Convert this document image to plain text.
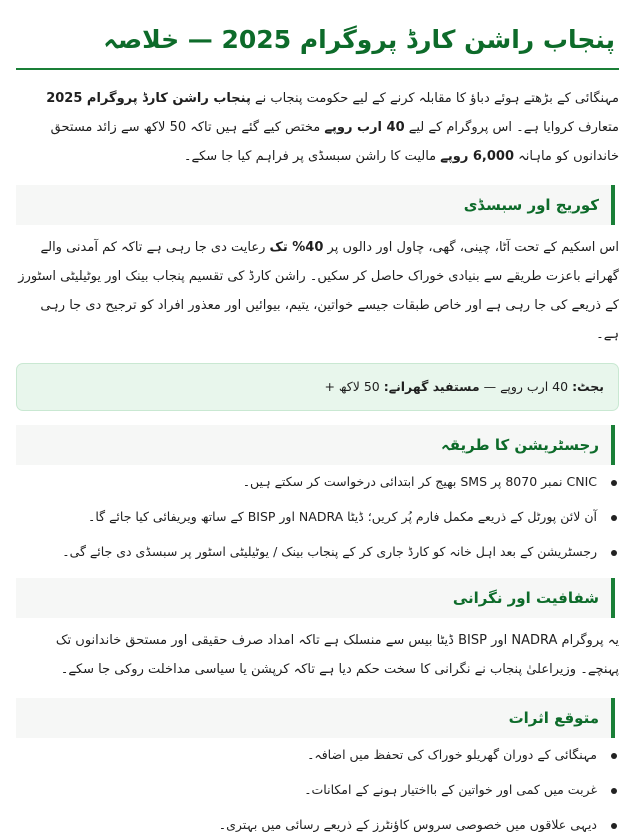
پنجاب راشن کارڈ پروگرام 2025 — خلاصہ

مہنگائی کے بڑھتے ہوئے دباؤ کا مقابلہ کرنے کے لیے حکومت پنجاب نے پنجاب راشن کارڈ پروگرام 2025 متعارف کروایا ہے۔ اس پروگرام کے لیے 40 ارب روپے مختص کیے گئے ہیں تاکہ 50 لاکھ سے زائد مستحق خاندانوں کو ماہانہ 6,000 روپے مالیت کا راشن سبسڈی پر فراہم کیا جا سکے۔

کوریج اور سبسڈی

اس اسکیم کے تحت آٹا، چینی، گھی، چاول اور دالوں پر 40% تک رعایت دی جا رہی ہے تاکہ کم آمدنی والے گھرانے باعزت طریقے سے بنیادی خوراک حاصل کر سکیں۔ راشن کارڈ کی تقسیم پنجاب بینک اور یوٹیلیٹی اسٹورز کے ذریعے کی جا رہی ہے اور خاص طبقات جیسے خواتین، یتیم، بیوائیں اور معذور افراد کو ترجیح دی جا رہی ہے۔

بجٹ: 40 ارب روپے — مستفید گھرانے: 50 لاکھ +
رجسٹریشن کا طریقہ
CNIC نمبر 8070 پر SMS بھیج کر ابتدائی درخواست کر سکتے ہیں۔
آن لائن پورٹل کے ذریعے مکمل فارم پُر کریں؛ ڈیٹا NADRA اور BISP کے ساتھ ویریفائی کیا جائے گا۔
رجسٹریشن کے بعد اہل خانہ کو کارڈ جاری کر کے پنجاب بینک / یوٹیلیٹی اسٹور پر سبسڈی دی جائے گی۔
شفافیت اور نگرانی

یہ پروگرام NADRA اور BISP ڈیٹا بیس سے منسلک ہے تاکہ امداد صرف حقیقی اور مستحق خاندانوں تک پہنچے۔ وزیراعلیٰ پنجاب نے نگرانی کا سخت حکم دیا ہے تاکہ کرپشن یا سیاسی مداخلت روکی جا سکے۔

متوقع اثرات
مہنگائی کے دوران گھریلو خوراک کی تحفظ میں اضافہ۔
غربت میں کمی اور خواتین کے بااختیار ہونے کے امکانات۔
دیہی علاقوں میں خصوصی سروس کاؤنٹرز کے ذریعے رسائی میں بہتری۔
